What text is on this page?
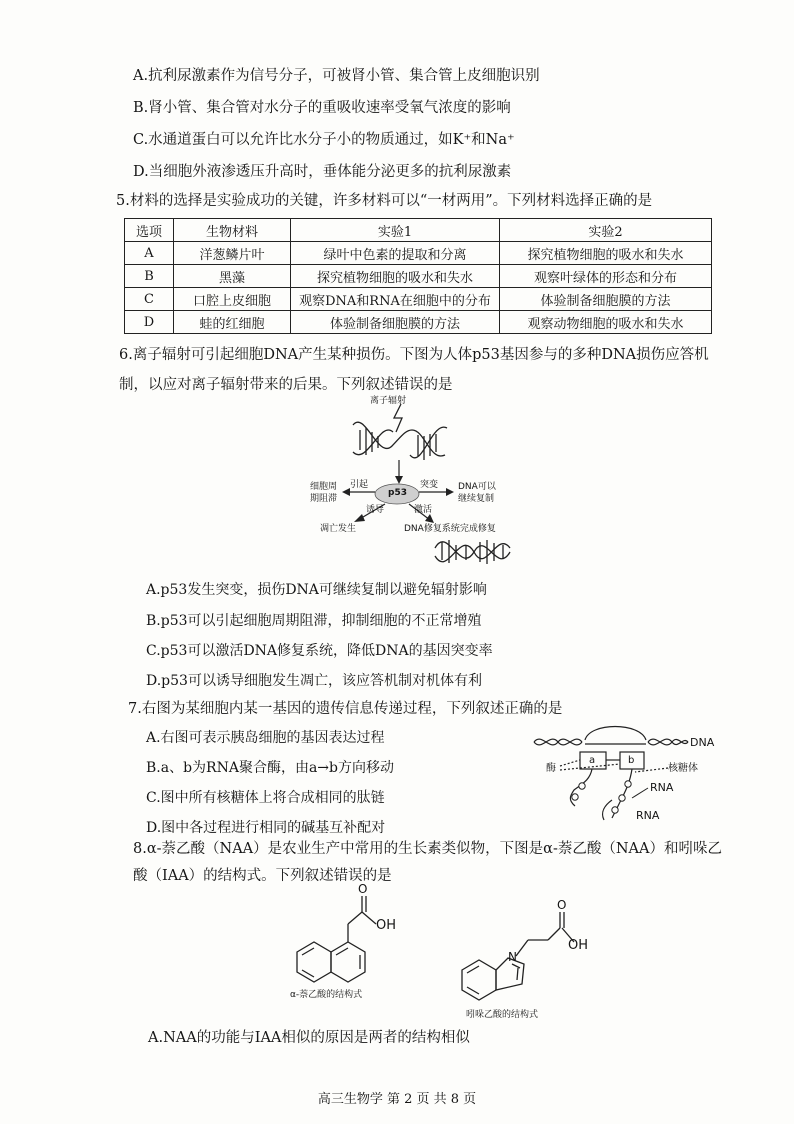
A.抗利尿激素作为信号分子，可被肾小管、集合管上皮细胞识别
B.肾小管、集合管对水分子的重吸收速率受氧气浓度的影响
C.水通道蛋白可以允许比水分子小的物质通过，如K⁺和Na⁺
D.当细胞外液渗透压升高时，垂体能分泌更多的抗利尿激素
5.材料的选择是实验成功的关键，许多材料可以“一材两用”。下列材料选择正确的是
选项	生物材料	实验1	实验2
A	洋葱鳞片叶	绿叶中色素的提取和分离	探究植物细胞的吸水和失水
B	黑藻	探究植物细胞的吸水和失水	观察叶绿体的形态和分布
C	口腔上皮细胞	观察DNA和RNA在细胞中的分布	体验制备细胞膜的方法
D	蛙的红细胞	体验制备细胞膜的方法	观察动物细胞的吸水和失水
6.离子辐射可引起细胞DNA产生某种损伤。下图为人体p53基因参与的多种DNA损伤应答机
制，以应对离子辐射带来的后果。下列叙述错误的是
离子辐射
p53
细胞周
期阻滞
引起	突变 DNA可以
继续复制
诱导	激活
凋亡发生	DNA修复系统完成修复
A.p53发生突变，损伤DNA可继续复制以避免辐射影响
B.p53可以引起细胞周期阻滞，抑制细胞的不正常增殖
C.p53可以激活DNA修复系统，降低DNA的基因突变率
D.p53可以诱导细胞发生凋亡，该应答机制对机体有利
7.右图为某细胞内某一基因的遗传信息传递过程，下列叙述正确的是
A.右图可表示胰岛细胞的基因表达过程
B.a、b为RNA聚合酶，由a→b方向移动
C.图中所有核糖体上将合成相同的肽链
D.图中各过程进行相同的碱基互补配对
DNA
酶
a	b
核糖体
RNA
RNA
8.α-萘乙酸（NAA）是农业生产中常用的生长素类似物，下图是α-萘乙酸（NAA）和吲哚乙
酸（IAA）的结构式。下列叙述错误的是
O
OH
α-萘乙酸的结构式
N
O
OH
吲哚乙酸的结构式
A.NAA的功能与IAA相似的原因是两者的结构相似
高三生物学 第 2 页 共 8 页
